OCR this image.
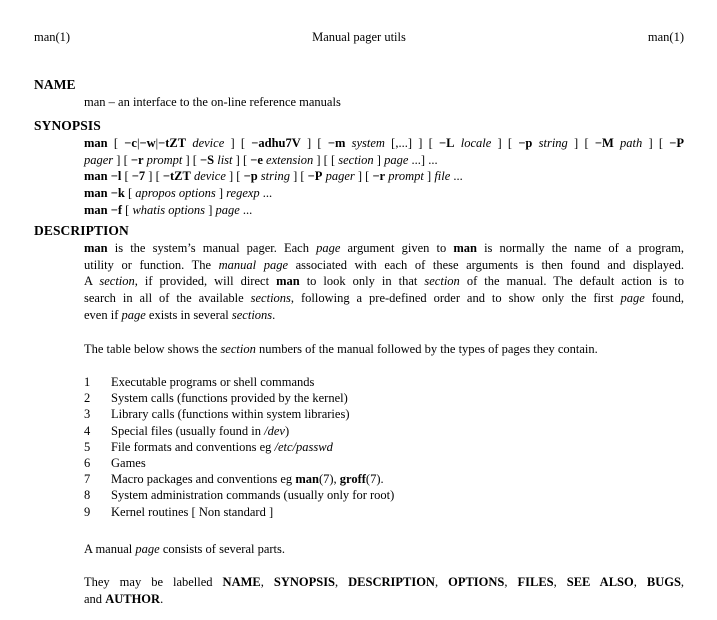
man(1)	Manual pager utils	man(1)
NAME
man – an interface to the on-line reference manuals
SYNOPSIS
man [ −c|−w|−tZT device ] [ −adhu7V ] [ −m system [,...] ] [ −L locale ] [ −p string ] [ −M path ] [ −P
pager ] [ −r prompt ] [ −S list ] [ −e extension ] [ [ section ] page ...] ...
man −l [ −7 ] [ −tZT device ] [ −p string ] [ −P pager ] [ −r prompt ] file ...
man −k [ apropos options ] regexp ...
man −f [ whatis options ] page ...
DESCRIPTION
man is the system’s manual pager. Each page argument given to man is normally the name of a program,
utility or function. The manual page associated with each of these arguments is then found and displayed.
A section, if provided, will direct man to look only in that section of the manual. The default action is to
search in all of the available sections, following a pre-defined order and to show only the first page found,
even if page exists in several sections.
The table below shows the section numbers of the manual followed by the types of pages they contain.
1	Executable programs or shell commands
2	System calls (functions provided by the kernel)
3	Library calls (functions within system libraries)
4	Special files (usually found in /dev)
5	File formats and conventions eg /etc/passwd
6	Games
7	Macro packages and conventions eg man(7), groff(7).
8	System administration commands (usually only for root)
9	Kernel routines [ Non standard ]
A manual page consists of several parts.
They may be labelled NAME, SYNOPSIS, DESCRIPTION, OPTIONS, FILES, SEE ALSO, BUGS,
and AUTHOR.
